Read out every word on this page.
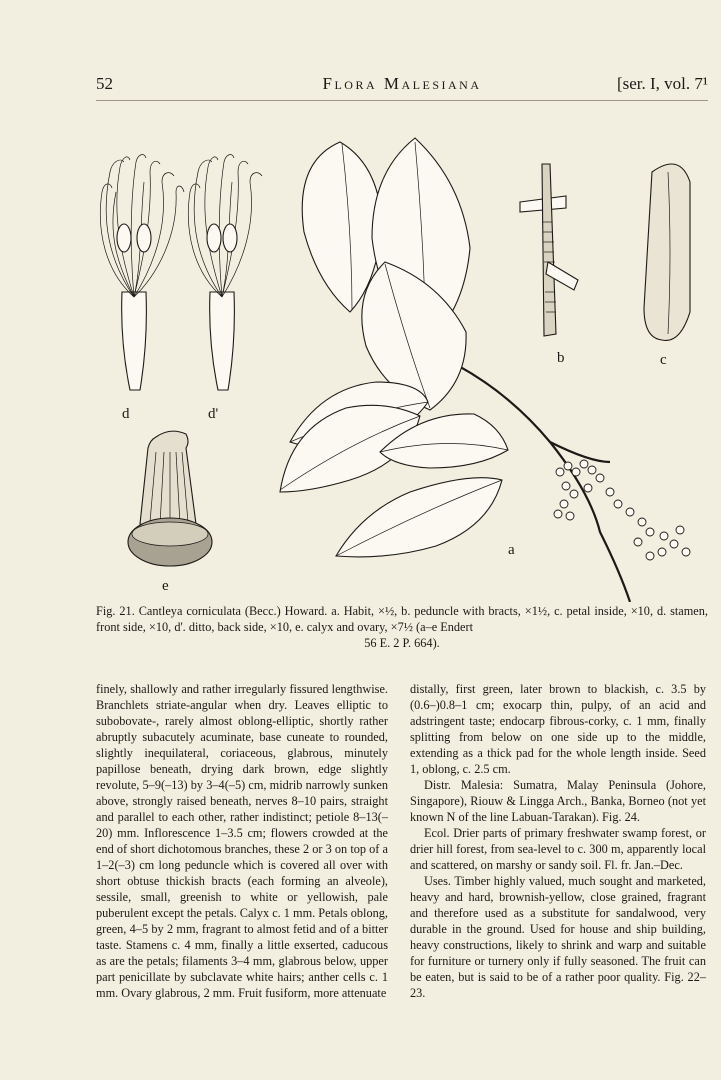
52	Flora Malesiana	[ser. I, vol. 7¹
d	d'
e
b	c
a
Fig. 21. Cantleya corniculata (Becc.) Howard. a. Habit, ×½, b. peduncle with bracts, ×1½, c. petal inside, ×10, d. stamen, front side, ×10, d'. ditto, back side, ×10, e. calyx and ovary, ×7½ (a–e Endert
56 E. 2 P. 664).

finely, shallowly and rather irregularly fissured lengthwise. Branchlets striate-angular when dry. Leaves elliptic to subobovate-, rarely almost oblong-elliptic, shortly rather abruptly subacutely acuminate, base cuneate to rounded, slightly inequilateral, coriaceous, glabrous, minutely papillose beneath, drying dark brown, edge slightly revolute, 5–9(–13) by 3–4(–5) cm, midrib narrowly sunken above, strongly raised beneath, nerves 8–10 pairs, straight and parallel to each other, rather indistinct; petiole 8–13(–20) mm. Inflorescence 1–3.5 cm; flowers crowded at the end of short dichotomous branches, these 2 or 3 on top of a 1–2(–3) cm long peduncle which is covered all over with short obtuse thickish bracts (each forming an alveole), sessile, small, greenish to white or yellowish, pale puberulent except the petals. Calyx c. 1 mm. Petals oblong, green, 4–5 by 2 mm, fragrant to almost fetid and of a bitter taste. Stamens c. 4 mm, finally a little exserted, caducous as are the petals; filaments 3–4 mm, glabrous below, upper part penicillate by subclavate white hairs; anther cells c. 1 mm. Ovary glabrous, 2 mm. Fruit fusiform, more attenuate

distally, first green, later brown to blackish, c. 3.5 by (0.6–)0.8–1 cm; exocarp thin, pulpy, of an acid and adstringent taste; endocarp fibrous-corky, c. 1 mm, finally splitting from below on one side up to the middle, extending as a thick pad for the whole length inside. Seed 1, oblong, c. 2.5 cm.

Distr. Malesia: Sumatra, Malay Peninsula (Johore, Singapore), Riouw & Lingga Arch., Banka, Borneo (not yet known N of the line Labuan-Tarakan). Fig. 24.

Ecol. Drier parts of primary freshwater swamp forest, or drier hill forest, from sea-level to c. 300 m, apparently local and scattered, on marshy or sandy soil. Fl. fr. Jan.–Dec.

Uses. Timber highly valued, much sought and marketed, heavy and hard, brownish-yellow, close grained, fragrant and therefore used as a substitute for sandalwood, very durable in the ground. Used for house and ship building, heavy constructions, likely to shrink and warp and suitable for furniture or turnery only if fully seasoned. The fruit can be eaten, but is said to be of a rather poor quality. Fig. 22–23.
